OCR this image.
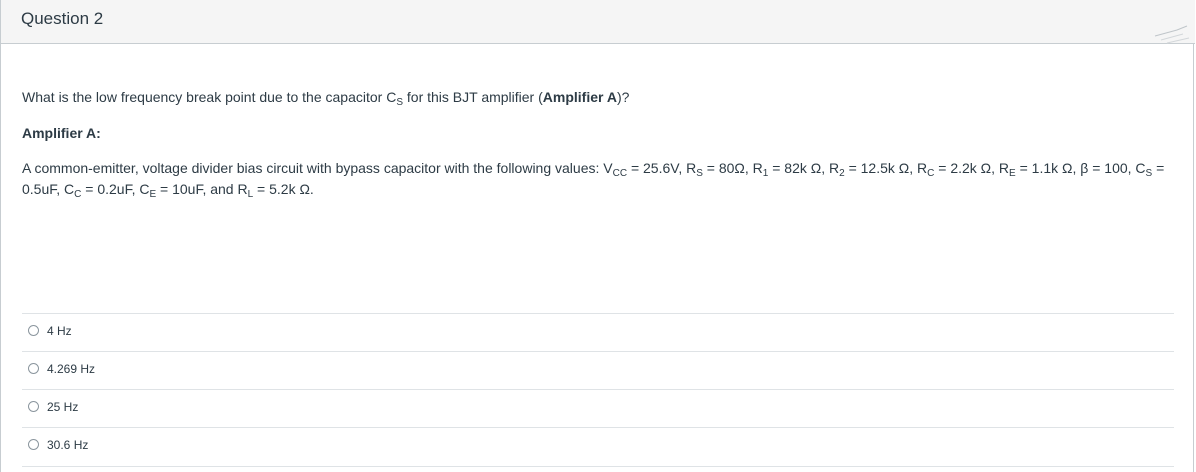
Question 2
What is the low frequency break point due to the capacitor $C_S$ for this BJT amplifier (Amplifier A)?
Amplifier A:
A common-emitter, voltage divider bias circuit with bypass capacitor with the following values: $V_{CC} = 25.6V$, $R_S = 80\Omega$, $R_1 = 82k$ Ω, $R_2 = 12.5k$ Ω, $R_C = 2.2k$ Ω, $R_E = 1.1k$ Ω, β = 100, $C_S = 0.5uF$, $C_C = 0.2uF$, $C_E = 10uF$, and $R_L = 5.2k$ Ω.
4 Hz
4.269 Hz
25 Hz
30.6 Hz
